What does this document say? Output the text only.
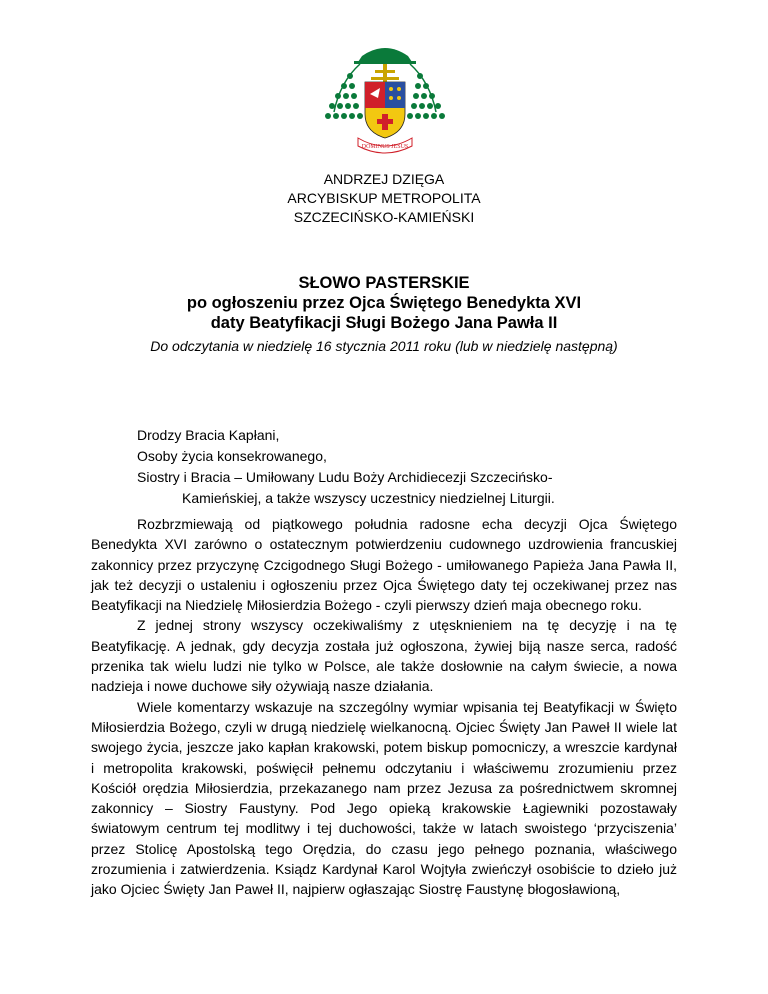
DOMINUS JESUS
ANDRZEJ DZIĘGA
ARCYBISKUP METROPOLITA
SZCZECIŃSKO-KAMIEŃSKI
SŁOWO PASTERSKIE
po ogłoszeniu przez Ojca Świętego Benedykta XVI
daty Beatyfikacji Sługi Bożego Jana Pawła II
Do odczytania w niedzielę 16 stycznia 2011 roku (lub w niedzielę następną)
Drodzy Bracia Kapłani,
Osoby życia konsekrowanego,
Siostry i Bracia – Umiłowany Ludu Boży Archidiecezji Szczecińsko-
Kamieńskiej, a także wszyscy uczestnicy niedzielnej Liturgii.

Rozbrzmiewają od piątkowego południa radosne echa decyzji Ojca Świętego Benedykta XVI zarówno o ostatecznym potwierdzeniu cudownego uzdrowienia francuskiej zakonnicy przez przyczynę Czcigodnego Sługi Bożego - umiłowanego Papieża Jana Pawła II, jak też decyzji o ustaleniu i ogłoszeniu przez Ojca Świętego daty tej oczekiwanej przez nas Beatyfikacji na Niedzielę Miłosierdzia Bożego - czyli pierwszy dzień maja obecnego roku.

Z jednej strony wszyscy oczekiwaliśmy z utęsknieniem na tę decyzję i na tę Beatyfikację. A jednak, gdy decyzja została już ogłoszona, żywiej biją nasze serca, radość przenika tak wielu ludzi nie tylko w Polsce, ale także dosłownie na całym świecie, a nowa nadzieja i nowe duchowe siły ożywiają nasze działania.

Wiele komentarzy wskazuje na szczególny wymiar wpisania tej Beatyfikacji w Święto Miłosierdzia Bożego, czyli w drugą niedzielę wielkanocną. Ojciec Święty Jan Paweł II wiele lat swojego życia, jeszcze jako kapłan krakowski, potem biskup pomocniczy, a wreszcie kardynał i metropolita krakowski, poświęcił pełnemu odczytaniu i właściwemu zrozumieniu przez Kościół orędzia Miłosierdzia, przekazanego nam przez Jezusa za pośrednictwem skromnej zakonnicy – Siostry Faustyny. Pod Jego opieką krakowskie Łagiewniki pozostawały światowym centrum tej modlitwy i tej duchowości, także w latach swoistego ‘przyciszenia’ przez Stolicę Apostolską tego Orędzia, do czasu jego pełnego poznania, właściwego zrozumienia i zatwierdzenia. Ksiądz Kardynał Karol Wojtyła zwieńczył osobiście to dzieło już jako Ojciec Święty Jan Paweł II, najpierw ogłaszając Siostrę Faustynę błogosławioną,
